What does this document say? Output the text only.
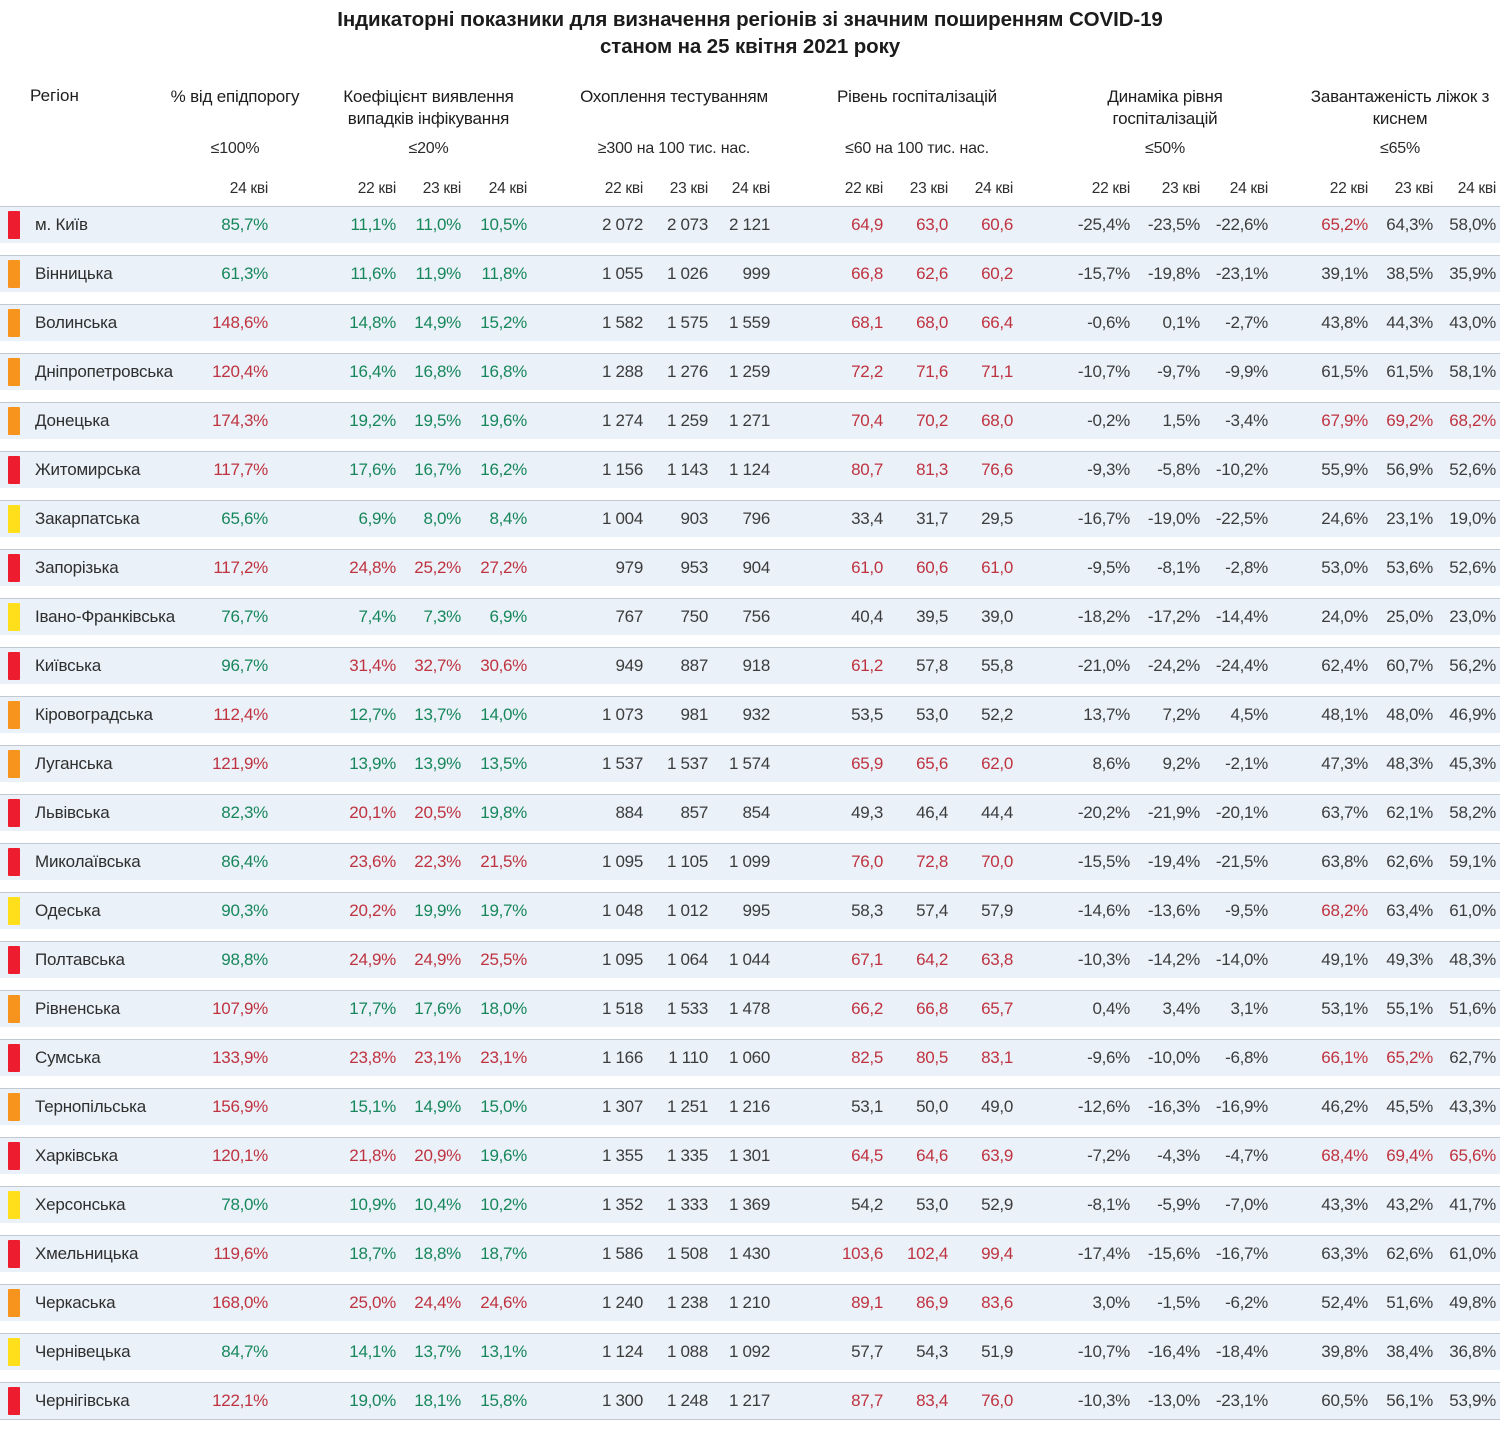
Індикаторні показники для визначення регіонів зі значним поширенням COVID-19
станом на 25 квітня 2021 року
Регіон	% від епідпорогу	Коефіцієнт виявлення випадків інфікування
Охоплення тестуванням	Рівень госпіталізацій	Динаміка рівня госпіталізацій
Завантаженість ліжок з киснем
≤100%	≤20%	≥300 на 100 тис. нас.	≤60 на 100 тис. нас.	≤50%	≤65%
24 кві	22 кві	23 кві	24 кві	22 кві	23 кві	24 кві	22 кві	23 кві	24 кві	22 кві	23 кві	24 кві	22 кві	23 кві	24 кві
м. Київ	85,7%	11,1%	11,0%	10,5%	2 072	2 073	2 121	64,9	63,0	60,6	-25,4%	-23,5% -22,6%	65,2%	64,3% 58,0%
Вінницька	61,3%	11,6%	11,9%	11,8%	1 055	1 026	999	66,8	62,6	60,2	-15,7%	-19,8% -23,1%	39,1%	38,5% 35,9%
Волинська	148,6%	14,8%	14,9%	15,2%	1 582	1 575	1 559	68,1	68,0	66,4	-0,6%	0,1%	-2,7%	43,8%	44,3% 43,0%
Дніпропетровська	120,4%	16,4%	16,8%	16,8%	1 288	1 276	1 259	72,2	71,6	71,1	-10,7%	-9,7%	-9,9%	61,5%	61,5% 58,1%
Донецька	174,3%	19,2%	19,5%	19,6%	1 274	1 259	1 271	70,4	70,2	68,0	-0,2%	1,5%	-3,4%	67,9%	69,2% 68,2%
Житомирська	117,7%	17,6%	16,7%	16,2%	1 156	1 143	1 124	80,7	81,3	76,6	-9,3%	-5,8% -10,2%	55,9%	56,9% 52,6%
Закарпатська	65,6%	6,9%	8,0%	8,4%	1 004	903	796	33,4	31,7	29,5	-16,7%	-19,0% -22,5%	24,6%	23,1% 19,0%
Запорізька	117,2%	24,8%	25,2%	27,2%	979	953	904	61,0	60,6	61,0	-9,5%	-8,1%	-2,8%	53,0%	53,6% 52,6%
Івано-Франківська	76,7%	7,4%	7,3%	6,9%	767	750	756	40,4	39,5	39,0	-18,2%	-17,2% -14,4%	24,0%	25,0% 23,0%
Київська	96,7%	31,4%	32,7%	30,6%	949	887	918	61,2	57,8	55,8	-21,0%	-24,2% -24,4%	62,4%	60,7% 56,2%
Кіровоградська	112,4%	12,7%	13,7%	14,0%	1 073	981	932	53,5	53,0	52,2	13,7%	7,2%	4,5%	48,1%	48,0% 46,9%
Луганська	121,9%	13,9%	13,9%	13,5%	1 537	1 537	1 574	65,9	65,6	62,0	8,6%	9,2%	-2,1%	47,3%	48,3% 45,3%
Львівська	82,3%	20,1%	20,5%	19,8%	884	857	854	49,3	46,4	44,4	-20,2%	-21,9% -20,1%	63,7%	62,1% 58,2%
Миколаївська	86,4%	23,6%	22,3%	21,5%	1 095	1 105	1 099	76,0	72,8	70,0	-15,5%	-19,4% -21,5%	63,8%	62,6% 59,1%
Одеська	90,3%	20,2%	19,9%	19,7%	1 048	1 012	995	58,3	57,4	57,9	-14,6%	-13,6%	-9,5%	68,2%	63,4% 61,0%
Полтавська	98,8%	24,9%	24,9%	25,5%	1 095	1 064	1 044	67,1	64,2	63,8	-10,3%	-14,2% -14,0%	49,1%	49,3% 48,3%
Рівненська	107,9%	17,7%	17,6%	18,0%	1 518	1 533	1 478	66,2	66,8	65,7	0,4%	3,4%	3,1%	53,1%	55,1% 51,6%
Сумська	133,9%	23,8%	23,1%	23,1%	1 166	1 110	1 060	82,5	80,5	83,1	-9,6%	-10,0%	-6,8%	66,1%	65,2% 62,7%
Тернопільська	156,9%	15,1%	14,9%	15,0%	1 307	1 251	1 216	53,1	50,0	49,0	-12,6%	-16,3% -16,9%	46,2%	45,5% 43,3%
Харківська	120,1%	21,8%	20,9%	19,6%	1 355	1 335	1 301	64,5	64,6	63,9	-7,2%	-4,3%	-4,7%	68,4%	69,4% 65,6%
Херсонська	78,0%	10,9%	10,4%	10,2%	1 352	1 333	1 369	54,2	53,0	52,9	-8,1%	-5,9%	-7,0%	43,3%	43,2% 41,7%
Хмельницька	119,6%	18,7%	18,8%	18,7%	1 586	1 508	1 430	103,6	102,4	99,4	-17,4%	-15,6% -16,7%	63,3%	62,6% 61,0%
Черкаська	168,0%	25,0%	24,4%	24,6%	1 240	1 238	1 210	89,1	86,9	83,6	3,0%	-1,5%	-6,2%	52,4%	51,6% 49,8%
Чернівецька	84,7%	14,1%	13,7%	13,1%	1 124	1 088	1 092	57,7	54,3	51,9	-10,7%	-16,4% -18,4%	39,8%	38,4% 36,8%
Чернігівська	122,1%	19,0%	18,1%	15,8%	1 300	1 248	1 217	87,7	83,4	76,0	-10,3%	-13,0% -23,1%	60,5%	56,1% 53,9%
